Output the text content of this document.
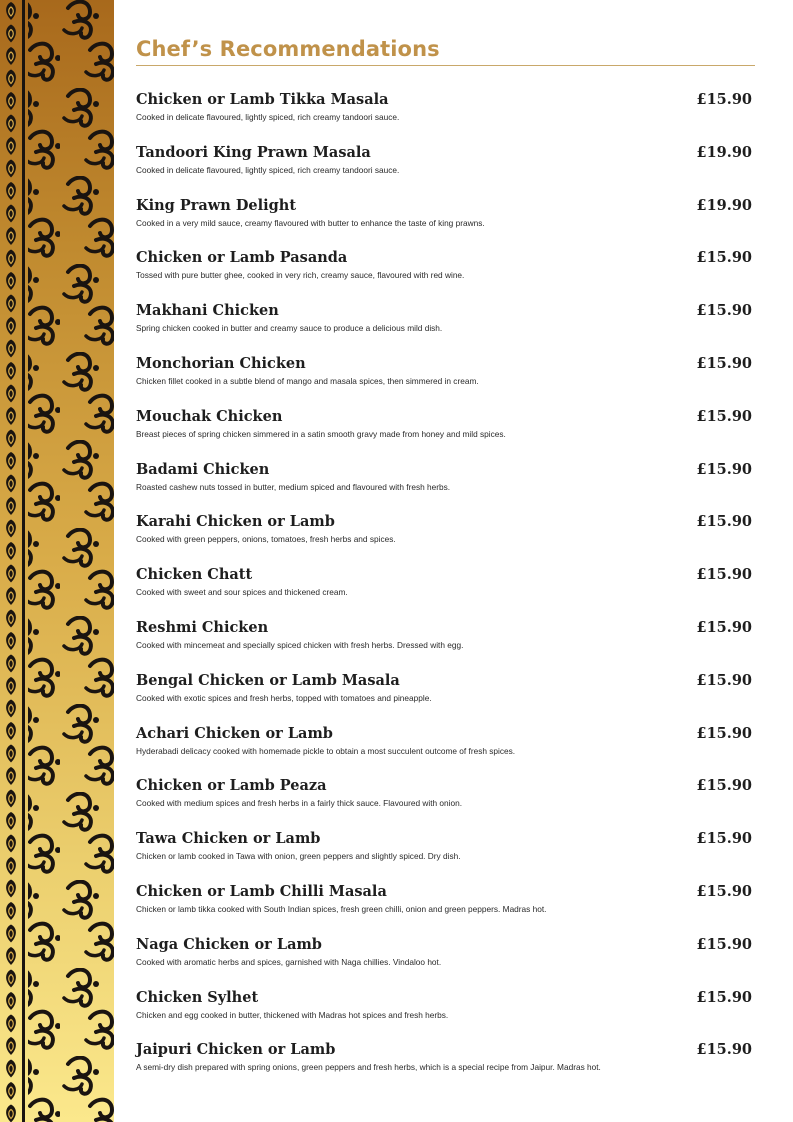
Chef’s Recommendations
Chicken or Lamb Tikka Masala	£15.90
Cooked in delicate flavoured, lightly spiced, rich creamy tandoori sauce.
Tandoori King Prawn Masala	£19.90
Cooked in delicate flavoured, lightly spiced, rich creamy tandoori sauce.
King Prawn Delight	£19.90
Cooked in a very mild sauce, creamy flavoured with butter to enhance the taste of king prawns.
Chicken or Lamb Pasanda	£15.90
Tossed with pure butter ghee, cooked in very rich, creamy sauce, flavoured with red wine.
Makhani Chicken	£15.90
Spring chicken cooked in butter and creamy sauce to produce a delicious mild dish.
Monchorian Chicken	£15.90
Chicken fillet cooked in a subtle blend of mango and masala spices, then simmered in cream.
Mouchak Chicken	£15.90
Breast pieces of spring chicken simmered in a satin smooth gravy made from honey and mild spices.
Badami Chicken	£15.90
Roasted cashew nuts tossed in butter, medium spiced and flavoured with fresh herbs.
Karahi Chicken or Lamb	£15.90
Cooked with green peppers, onions, tomatoes, fresh herbs and spices.
Chicken Chatt	£15.90
Cooked with sweet and sour spices and thickened cream.
Reshmi Chicken	£15.90
Cooked with mincemeat and specially spiced chicken with fresh herbs. Dressed with egg.
Bengal Chicken or Lamb Masala	£15.90
Cooked with exotic spices and fresh herbs, topped with tomatoes and pineapple.
Achari Chicken or Lamb	£15.90
Hyderabadi delicacy cooked with homemade pickle to obtain a most succulent outcome of fresh spices.
Chicken or Lamb Peaza	£15.90
Cooked with medium spices and fresh herbs in a fairly thick sauce. Flavoured with onion.
Tawa Chicken or Lamb	£15.90
Chicken or lamb cooked in Tawa with onion, green peppers and slightly spiced. Dry dish.
Chicken or Lamb Chilli Masala	£15.90
Chicken or lamb tikka cooked with South Indian spices, fresh green chilli, onion and green peppers. Madras hot.
Naga Chicken or Lamb	£15.90
Cooked with aromatic herbs and spices, garnished with Naga chillies. Vindaloo hot.
Chicken Sylhet	£15.90
Chicken and egg cooked in butter, thickened with Madras hot spices and fresh herbs.
Jaipuri Chicken or Lamb	£15.90
A semi-dry dish prepared with spring onions, green peppers and fresh herbs, which is a special recipe from Jaipur. Madras hot.
